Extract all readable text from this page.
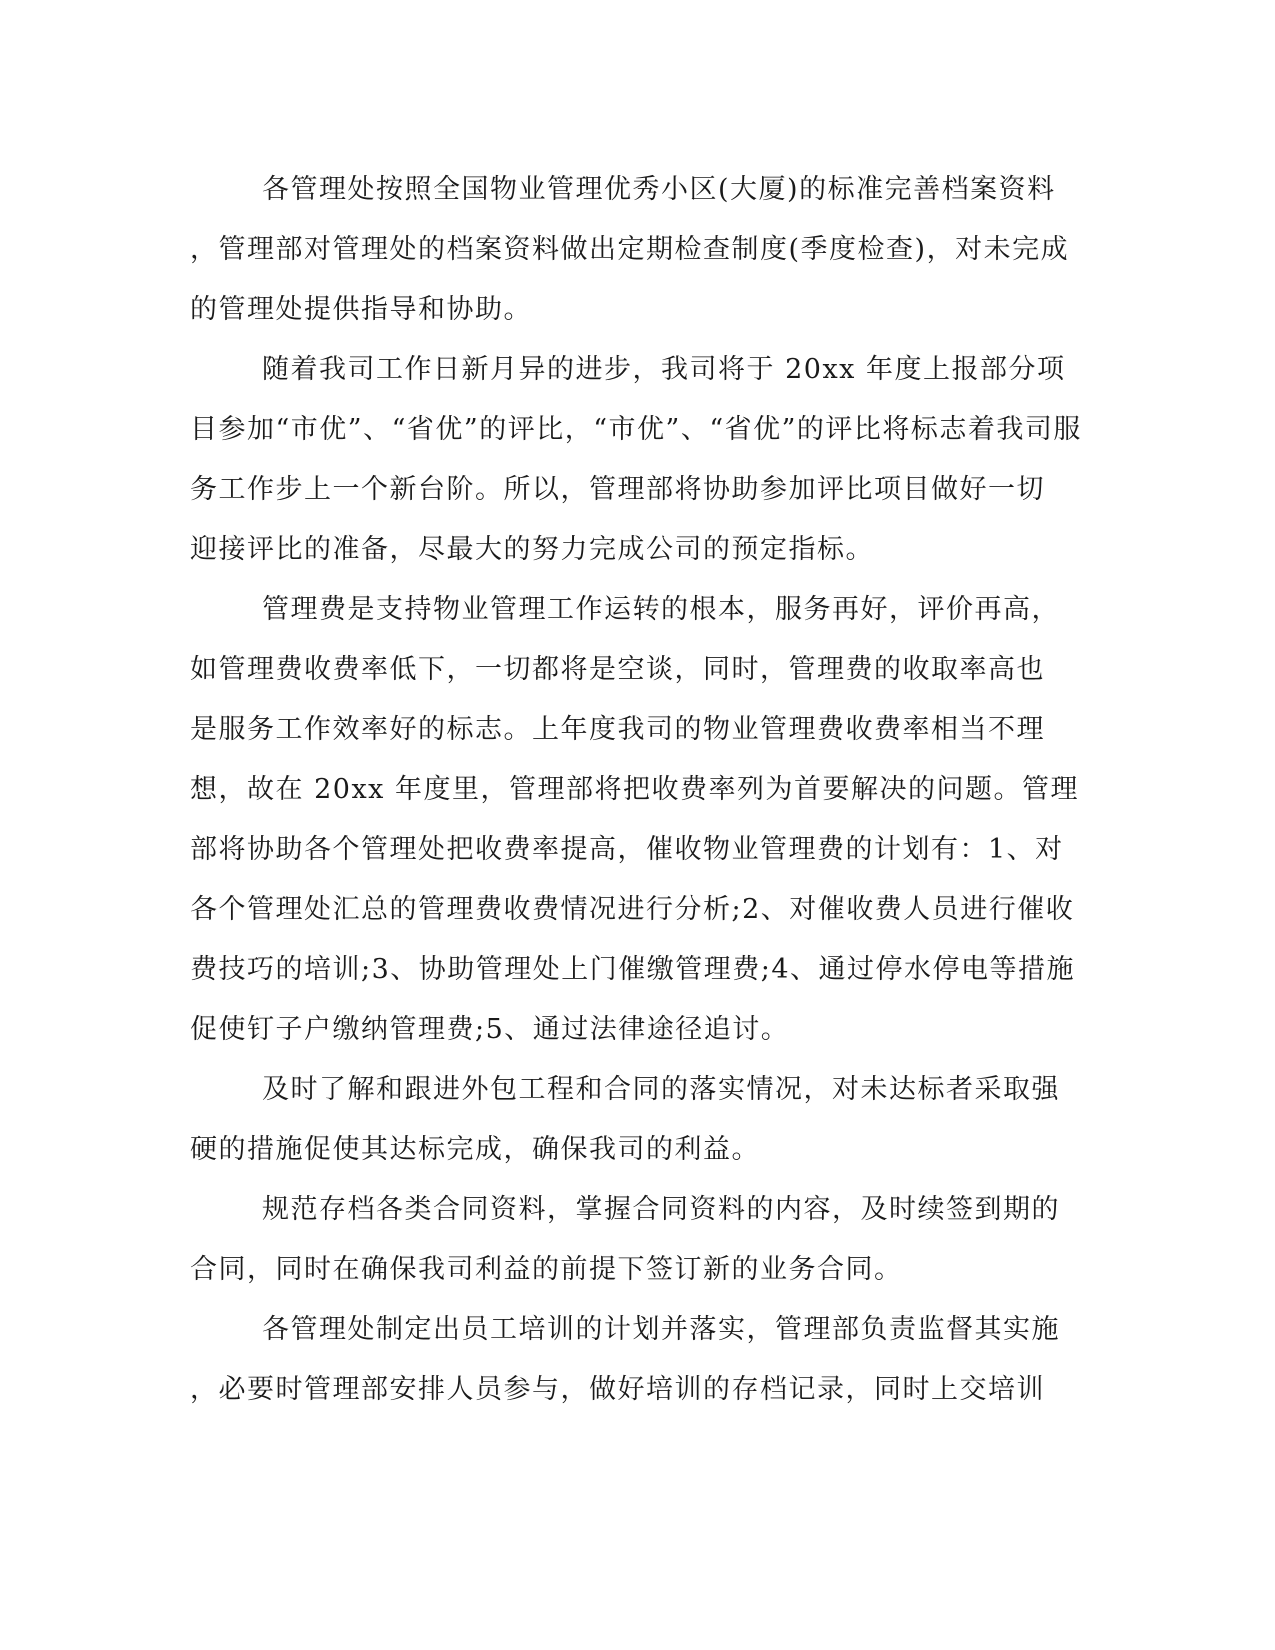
各管理处按照全国物业管理优秀小区(大厦)的标准完善档案资料
，管理部对管理处的档案资料做出定期检查制度(季度检查)，对未完成
的管理处提供指导和协助。
随着我司工作日新月异的进步，我司将于 20xx 年度上报部分项
目参加“市优”、“省优”的评比，“市优”、“省优”的评比将标志着我司服
务工作步上一个新台阶。所以，管理部将协助参加评比项目做好一切
迎接评比的准备，尽最大的努力完成公司的预定指标。
管理费是支持物业管理工作运转的根本，服务再好，评价再高，
如管理费收费率低下，一切都将是空谈，同时，管理费的收取率高也
是服务工作效率好的标志。上年度我司的物业管理费收费率相当不理
想，故在 20xx 年度里，管理部将把收费率列为首要解决的问题。管理
部将协助各个管理处把收费率提高，催收物业管理费的计划有：1、对
各个管理处汇总的管理费收费情况进行分析;2、对催收费人员进行催收
费技巧的培训;3、协助管理处上门催缴管理费;4、通过停水停电等措施
促使钉子户缴纳管理费;5、通过法律途径追讨。
及时了解和跟进外包工程和合同的落实情况，对未达标者采取强
硬的措施促使其达标完成，确保我司的利益。
规范存档各类合同资料，掌握合同资料的内容，及时续签到期的
合同，同时在确保我司利益的前提下签订新的业务合同。
各管理处制定出员工培训的计划并落实，管理部负责监督其实施
，必要时管理部安排人员参与，做好培训的存档记录，同时上交培训
